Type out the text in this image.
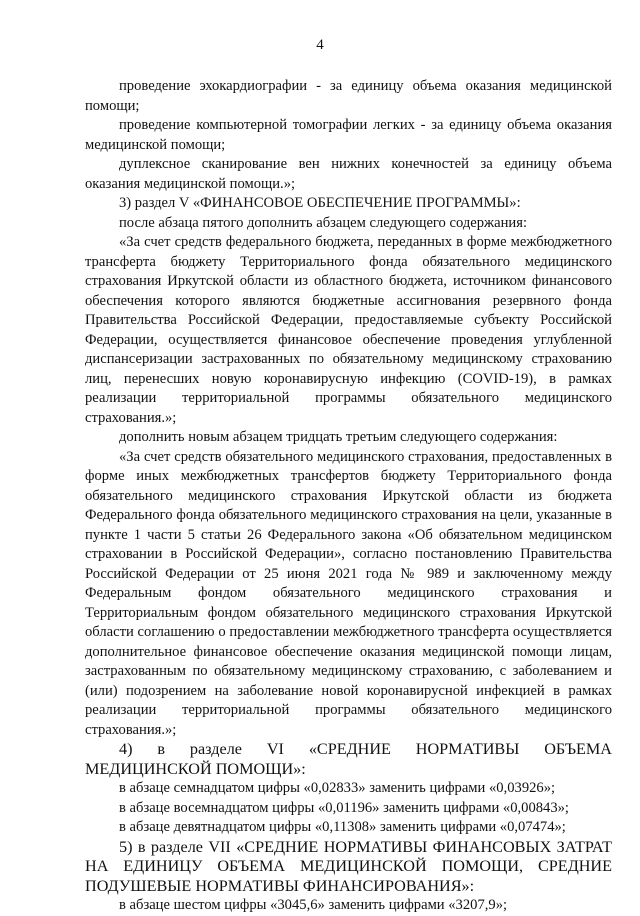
4

проведение эхокардиографии - за единицу объема оказания медицинской помощи;

проведение компьютерной томографии легких - за единицу объема оказания медицинской помощи;

дуплексное сканирование вен нижних конечностей за единицу объема оказания медицинской помощи.»;

3) раздел V «ФИНАНСОВОЕ ОБЕСПЕЧЕНИЕ ПРОГРАММЫ»:

после абзаца пятого дополнить абзацем следующего содержания:

«За счет средств федерального бюджета, переданных в форме межбюджетного трансферта бюджету Территориального фонда обязательного медицинского страхования Иркутской области из областного бюджета, источником финансового обеспечения которого являются бюджетные ассигнования резервного фонда Правительства Российской Федерации, предоставляемые субъекту Российской Федерации, осуществляется финансовое обеспечение проведения углубленной диспансеризации застрахованных по обязательному медицинскому страхованию лиц, перенесших новую коронавирусную инфекцию (COVID-19), в рамках реализации территориальной программы обязательного медицинского страхования.»;

дополнить новым абзацем тридцать третьим следующего содержания:

«За счет средств обязательного медицинского страхования, предоставленных в форме иных межбюджетных трансфертов бюджету Территориального фонда обязательного медицинского страхования Иркутской области из бюджета Федерального фонда обязательного медицинского страхования на цели, указанные в пункте 1 части 5 статьи 26 Федерального закона «Об обязательном медицинском страховании в Российской Федерации», согласно постановлению Правительства Российской Федерации от 25 июня 2021 года № 989 и заключенному между Федеральным фондом обязательного медицинского страхования и Территориальным фондом обязательного медицинского страхования Иркутской области соглашению о предоставлении межбюджетного трансферта осуществляется дополнительное финансовое обеспечение оказания медицинской помощи лицам, застрахованным по обязательному медицинскому страхованию, с заболеванием и (или) подозрением на заболевание новой коронавирусной инфекцией в рамках реализации территориальной программы обязательного медицинского страхования.»;

4) в разделе VI «СРЕДНИЕ НОРМАТИВЫ ОБЪЕМА МЕДИЦИНСКОЙ ПОМОЩИ»:

в абзаце семнадцатом цифры «0,02833» заменить цифрами «0,03926»;

в абзаце восемнадцатом цифры «0,01196» заменить цифрами «0,00843»;

в абзаце девятнадцатом цифры «0,11308» заменить цифрами «0,07474»;

5) в разделе VII «СРЕДНИЕ НОРМАТИВЫ ФИНАНСОВЫХ ЗАТРАТ НА ЕДИНИЦУ ОБЪЕМА МЕДИЦИНСКОЙ ПОМОЩИ, СРЕДНИЕ ПОДУШЕВЫЕ НОРМАТИВЫ ФИНАНСИРОВАНИЯ»:

в абзаце шестом цифры «3045,6» заменить цифрами «3207,9»;
